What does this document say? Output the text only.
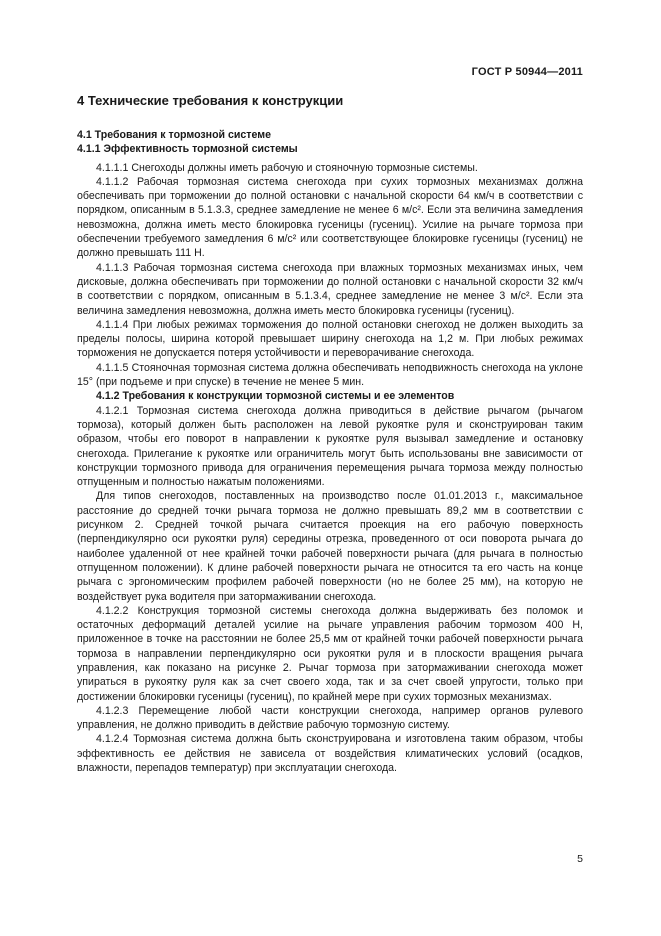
ГОСТ Р 50944—2011
4 Технические требования к конструкции

4.1 Требования к тормозной системе

4.1.1 Эффективность тормозной системы

4.1.1.1 Снегоходы должны иметь рабочую и стояночную тормозные системы.

4.1.1.2 Рабочая тормозная система снегохода при сухих тормозных механизмах должна обеспечивать при торможении до полной остановки с начальной скорости 64 км/ч в соответствии с порядком, описанным в 5.1.3.3, среднее замедление не менее 6 м/с². Если эта величина замедления невозможна, должна иметь место блокировка гусеницы (гусениц). Усилие на рычаге тормоза при обеспечении требуемого замедления 6 м/с² или соответствующее блокировке гусеницы (гусениц) не должно превышать 111 Н.

4.1.1.3 Рабочая тормозная система снегохода при влажных тормозных механизмах иных, чем дисковые, должна обеспечивать при торможении до полной остановки с начальной скорости 32 км/ч в соответствии с порядком, описанным в 5.1.3.4, среднее замедление не менее 3 м/с². Если эта величина замедления невозможна, должна иметь место блокировка гусеницы (гусениц).

4.1.1.4 При любых режимах торможения до полной остановки снегоход не должен выходить за пределы полосы, ширина которой превышает ширину снегохода на 1,2 м. При любых режимах торможения не допускается потеря устойчивости и переворачивание снегохода.

4.1.1.5 Стояночная тормозная система должна обеспечивать неподвижность снегохода на уклоне 15° (при подъеме и при спуске) в течение не менее 5 мин.

4.1.2 Требования к конструкции тормозной системы и ее элементов

4.1.2.1 Тормозная система снегохода должна приводиться в действие рычагом (рычагом тормоза), который должен быть расположен на левой рукоятке руля и сконструирован таким образом, чтобы его поворот в направлении к рукоятке руля вызывал замедление и остановку снегохода. Прилегание к рукоятке или ограничитель могут быть использованы вне зависимости от конструкции тормозного привода для ограничения перемещения рычага тормоза между полностью отпущенным и полностью нажатым положениями.

Для типов снегоходов, поставленных на производство после 01.01.2013 г., максимальное расстояние до средней точки рычага тормоза не должно превышать 89,2 мм в соответствии с рисунком 2. Средней точкой рычага считается проекция на его рабочую поверхность (перпендикулярно оси рукоятки руля) середины отрезка, проведенного от оси поворота рычага до наиболее удаленной от нее крайней точки рабочей поверхности рычага (для рычага в полностью отпущенном положении). К длине рабочей поверхности рычага не относится та его часть на конце рычага с эргономическим профилем рабочей поверхности (но не более 25 мм), на которую не воздействует рука водителя при затормаживании снегохода.

4.1.2.2 Конструкция тормозной системы снегохода должна выдерживать без поломок и остаточных деформаций деталей усилие на рычаге управления рабочим тормозом 400 Н, приложенное в точке на расстоянии не более 25,5 мм от крайней точки рабочей поверхности рычага тормоза в направлении перпендикулярно оси рукоятки руля и в плоскости вращения рычага управления, как показано на рисунке 2. Рычаг тормоза при затормаживании снегохода может упираться в рукоятку руля как за счет своего хода, так и за счет своей упругости, только при достижении блокировки гусеницы (гусениц), по крайней мере при сухих тормозных механизмах.

4.1.2.3 Перемещение любой части конструкции снегохода, например органов рулевого управления, не должно приводить в действие рабочую тормозную систему.

4.1.2.4 Тормозная система должна быть сконструирована и изготовлена таким образом, чтобы эффективность ее действия не зависела от воздействия климатических условий (осадков, влажности, перепадов температур) при эксплуатации снегохода.

5
